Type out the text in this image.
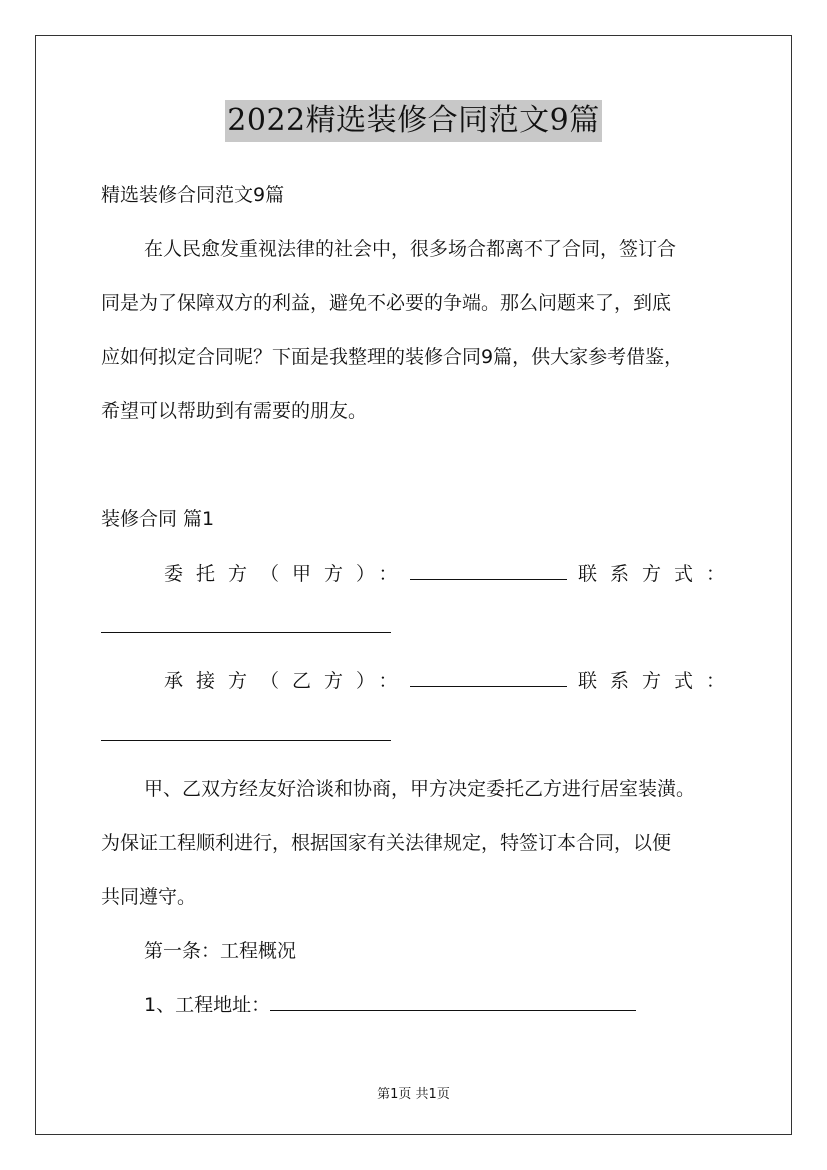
2022精选装修合同范文9篇
精选装修合同范文9篇
在人民愈发重视法律的社会中，很多场合都离不了合同，签订合
同是为了保障双方的利益，避免不必要的争端。那么问题来了，到底
应如何拟定合同呢？下面是我整理的装修合同9篇，供大家参考借鉴，
希望可以帮助到有需要的朋友。
装修合同 篇1
委托方（甲方）：	联系方式：
承接方（乙方）：	联系方式：
甲、乙双方经友好洽谈和协商，甲方决定委托乙方进行居室装潢。
为保证工程顺利进行，根据国家有关法律规定，特签订本合同，以便
共同遵守。
第一条：工程概况
1、工程地址：
第1页 共1页
